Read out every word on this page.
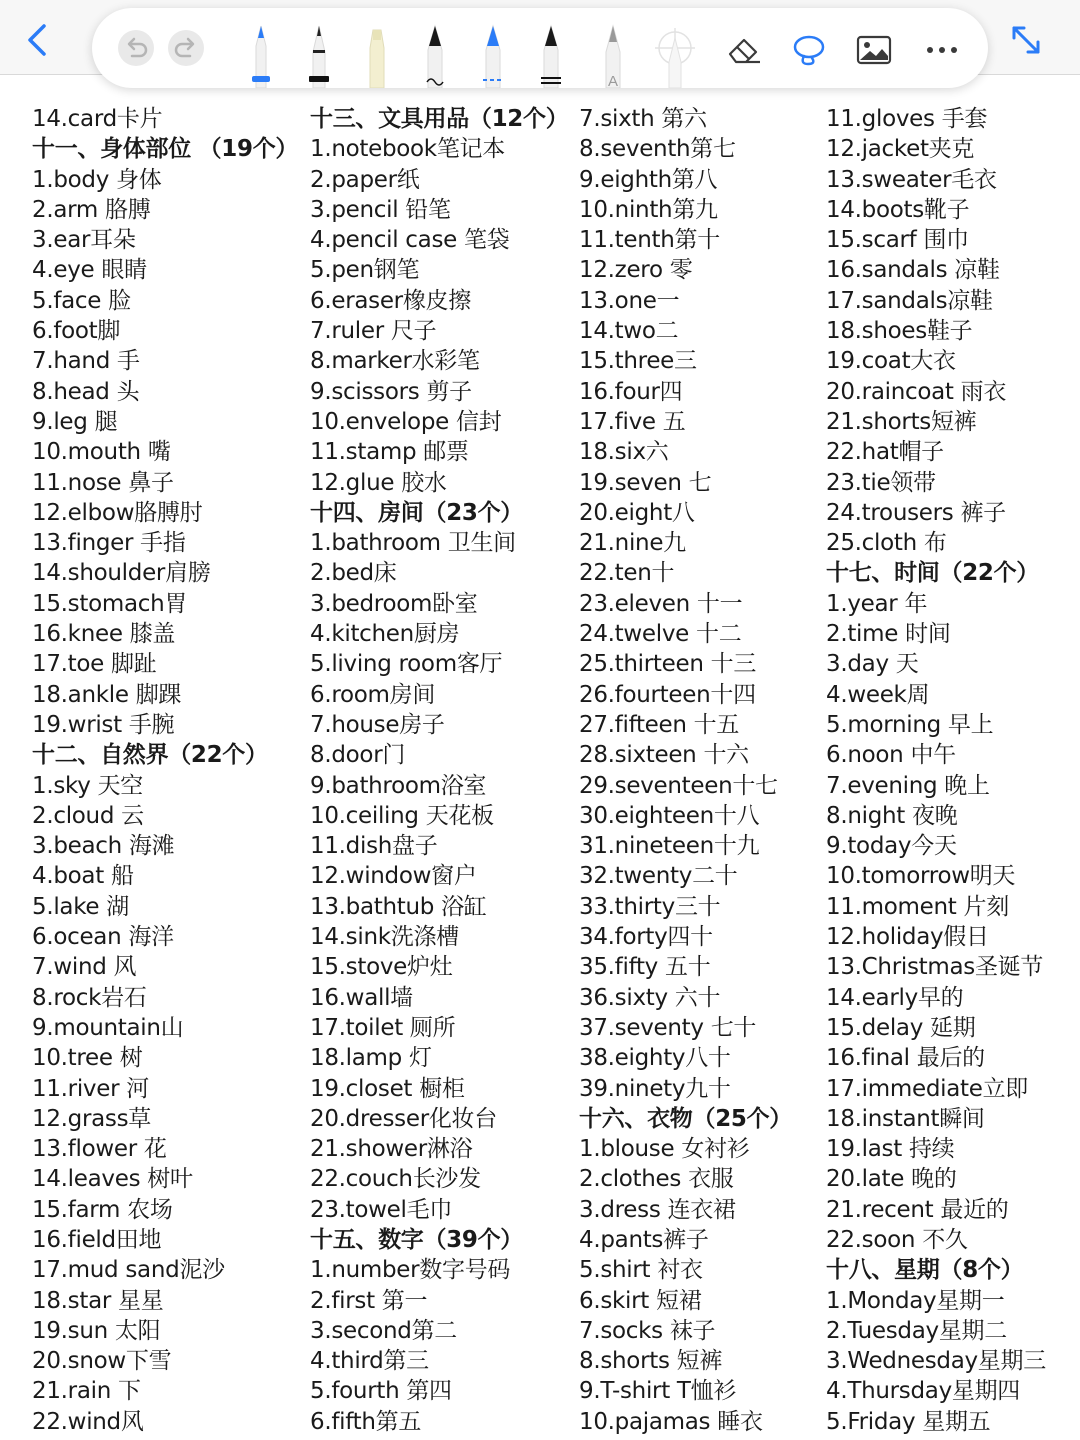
A
14.card卡片
十一、身体部位 （19个）
1.body 身体
2.arm 胳膊
3.ear耳朵
4.eye 眼睛
5.face 脸
6.foot脚
7.hand 手
8.head 头
9.leg 腿
10.mouth 嘴
11.nose 鼻子
12.elbow胳膊肘
13.finger 手指
14.shoulder肩膀
15.stomach胃
16.knee 膝盖
17.toe 脚趾
18.ankle 脚踝
19.wrist 手腕
十二、自然界（22个）
1.sky 天空
2.cloud 云
3.beach 海滩
4.boat 船
5.lake 湖
6.ocean 海洋
7.wind 风
8.rock岩石
9.mountain山
10.tree 树
11.river 河
12.grass草
13.flower 花
14.leaves 树叶
15.farm 农场
16.field田地
17.mud sand泥沙
18.star 星星
19.sun 太阳
20.snow下雪
21.rain 下
22.wind风
十三、文具用品（12个）
1.notebook笔记本
2.paper纸
3.pencil 铅笔
4.pencil case 笔袋
5.pen钢笔
6.eraser橡皮擦
7.ruler 尺子
8.marker水彩笔
9.scissors 剪子
10.envelope 信封
11.stamp 邮票
12.glue 胶水
十四、房间（23个）
1.bathroom 卫生间
2.bed床
3.bedroom卧室
4.kitchen厨房
5.living room客厅
6.room房间
7.house房子
8.door门
9.bathroom浴室
10.ceiling 天花板
11.dish盘子
12.window窗户
13.bathtub 浴缸
14.sink洗涤槽
15.stove炉灶
16.wall墙
17.toilet 厕所
18.lamp 灯
19.closet 橱柜
20.dresser化妆台
21.shower淋浴
22.couch长沙发
23.towel毛巾
十五、数字（39个）
1.number数字号码
2.first 第一
3.second第二
4.third第三
5.fourth 第四
6.fifth第五
7.sixth 第六
8.seventh第七
9.eighth第八
10.ninth第九
11.tenth第十
12.zero 零
13.one一
14.two二
15.three三
16.four四
17.five 五
18.six六
19.seven 七
20.eight八
21.nine九
22.ten十
23.eleven 十一
24.twelve 十二
25.thirteen 十三
26.fourteen十四
27.fifteen 十五
28.sixteen 十六
29.seventeen十七
30.eighteen十八
31.nineteen十九
32.twenty二十
33.thirty三十
34.forty四十
35.fifty 五十
36.sixty 六十
37.seventy 七十
38.eighty八十
39.ninety九十
十六、衣物（25个）
1.blouse 女衬衫
2.clothes 衣服
3.dress 连衣裙
4.pants裤子
5.shirt 衬衣
6.skirt 短裙
7.socks 袜子
8.shorts 短裤
9.T-shirt T恤衫
10.pajamas 睡衣
11.gloves 手套
12.jacket夹克
13.sweater毛衣
14.boots靴子
15.scarf 围巾
16.sandals 凉鞋
17.sandals凉鞋
18.shoes鞋子
19.coat大衣
20.raincoat 雨衣
21.shorts短裤
22.hat帽子
23.tie领带
24.trousers 裤子
25.cloth 布
十七、时间（22个）
1.year 年
2.time 时间
3.day 天
4.week周
5.morning 早上
6.noon 中午
7.evening 晚上
8.night 夜晚
9.today今天
10.tomorrow明天
11.moment 片刻
12.holiday假日
13.Christmas圣诞节
14.early早的
15.delay 延期
16.final 最后的
17.immediate立即
18.instant瞬间
19.last 持续
20.late 晚的
21.recent 最近的
22.soon 不久
十八、星期（8个）
1.Monday星期一
2.Tuesday星期二
3.Wednesday星期三
4.Thursday星期四
5.Friday 星期五
